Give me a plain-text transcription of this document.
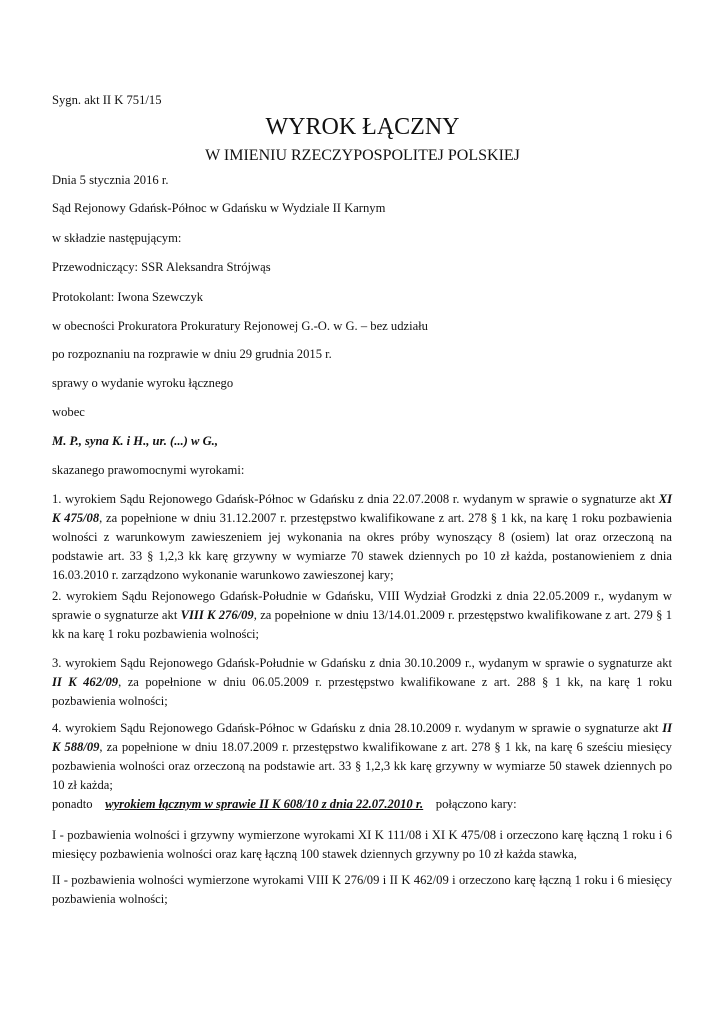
Sygn. akt II K 751/15

WYROK ŁĄCZNY
W IMIENIU RZECZYPOSPOLITEJ POLSKIEJ

Dnia 5 stycznia 2016 r.

Sąd Rejonowy Gdańsk-Północ w Gdańsku w Wydziale II Karnym

w składzie następującym:

Przewodniczący: SSR Aleksandra Strójwąs

Protokolant: Iwona Szewczyk

w obecności Prokuratora Prokuratury Rejonowej G.-O. w G. – bez udziału

po rozpoznaniu na rozprawie w dniu 29 grudnia 2015 r.

sprawy o wydanie wyroku łącznego

wobec

M. P., syna K. i H., ur. (...) w G.,

skazanego prawomocnymi wyrokami:

1. wyrokiem Sądu Rejonowego Gdańsk-Północ w Gdańsku z dnia 22.07.2008 r. wydanym w sprawie o sygnaturze akt XI K 475/08, za popełnione w dniu 31.12.2007 r. przestępstwo kwalifikowane z art. 278 § 1 kk, na karę 1 roku pozbawienia wolności z warunkowym zawieszeniem jej wykonania na okres próby wynoszący 8 (osiem) lat oraz orzeczoną na podstawie art. 33 § 1,2,3 kk karę grzywny w wymiarze 70 stawek dziennych po 10 zł każda, postanowieniem z dnia 16.03.2010 r. zarządzono wykonanie warunkowo zawieszonej kary;

2. wyrokiem Sądu Rejonowego Gdańsk-Południe w Gdańsku, VIII Wydział Grodzki z dnia 22.05.2009 r., wydanym w sprawie o sygnaturze akt VIII K 276/09, za popełnione w dniu 13/14.01.2009 r. przestępstwo kwalifikowane z art. 279 § 1 kk na karę 1 roku pozbawienia wolności;

3. wyrokiem Sądu Rejonowego Gdańsk-Południe w Gdańsku z dnia 30.10.2009 r., wydanym w sprawie o sygnaturze akt II K 462/09, za popełnione w dniu 06.05.2009 r. przestępstwo kwalifikowane z art. 288 § 1 kk, na karę 1 roku pozbawienia wolności;

4. wyrokiem Sądu Rejonowego Gdańsk-Północ w Gdańsku z dnia 28.10.2009 r. wydanym w sprawie o sygnaturze akt II K 588/09, za popełnione w dniu 18.07.2009 r. przestępstwo kwalifikowane z art. 278 § 1 kk, na karę 6 sześciu miesięcy pozbawienia wolności oraz orzeczoną na podstawie art. 33 § 1,2,3 kk karę grzywny w wymiarze 50 stawek dziennych po 10 zł każda;

ponadto wyrokiem łącznym w sprawie II K 608/10 z dnia 22.07.2010 r. połączono kary:

I - pozbawienia wolności i grzywny wymierzone wyrokami XI K 111/08 i XI K 475/08 i orzeczono karę łączną 1 roku i 6 miesięcy pozbawienia wolności oraz karę łączną 100 stawek dziennych grzywny po 10 zł każda stawka,

II - pozbawienia wolności wymierzone wyrokami VIII K 276/09 i II K 462/09 i orzeczono karę łączną 1 roku i 6 miesięcy pozbawienia wolności;
